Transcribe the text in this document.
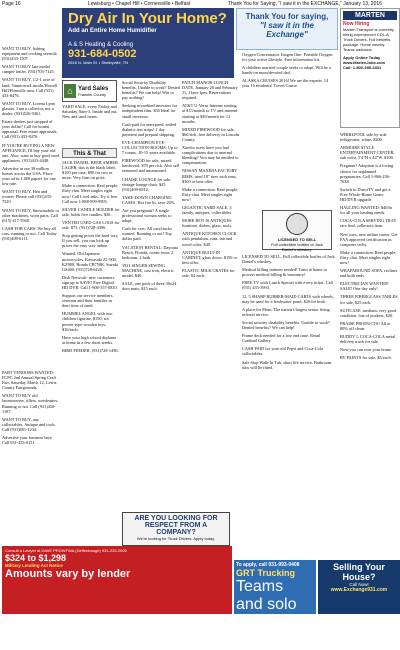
Page 16	Lewisburg • Chapel Hill • Cornersville • Belfast	Thank You for Saying, "I saw it in the EXCHANGE," January 13, 2016
Dry Air In Your Home?
Add an Entire Home Humidifier
A & S Heating & Cooling
931-684-0502
2616 N. Main St. • Shelbyville, TN
Thank You for saying,
"I saw it in the Exchange"
MARTEN
Now Hiring
Marten Transport is currently hiring experienced CDL-A Truck Drivers. Full benefits package. Home weekly. Teams welcome.
Apply Online Today www.MartenJobs.com
Call: 1-800-395-3331

WANT TO BUY, fishing equipment and cooking utensils. (931)433-1507.

WANT TO BUY late model camper trailer. (931)703-7145.

WANT TO BUY, 1/2-1 acre of land, Vanntown/Lincoln/Howell Hill/Flintville area. Call (931) 433-8476.

WANT TO BUY, Lorena Lynn glasses. I am a collector, not a dealer. (931)526-9461.

Estate dealers just stripped of your dollar? Call for honest appraisal. Free estate appraisals. Call (931) 433-8476.

IF YOU'RE BUYING A NEW APPLIANCE, I'll buy your old one. Also, want to buy good used appliances. (931)433-4448.

Advertise in our 38 million homes across the USA. Place your ad in 1,000 papers for one low rate.

WANT TO BUY, Hen and rooster. Please call (931)433-7520.

WANT TO BUY, Snowmobile or other machines, worn parts. Call (615) 417-5568.

CASH FOR CARS: We buy all cars, running or not. Call Today (931)409-6111.

PART VENDORS WANTED: FCPC 2nd Annual Spring Craft Fair, Saturday March 12, Lewis County Fairgrounds.

WANT TO BUY old lawnmowers, tillers, weedeaters. Running or not. Call (931)450-1187.

WANT TO BUY, any collectables. Antique and tools. Call (931)801-1234.

Advertise your business here. Call 931-433-6151.

⌂ Yard Sales
Franklin County

YARD SALE, every Friday and Saturday, 8am-3. Inside and out. New and used items.

This & That

JACK DANIEL BEER AMBER LAGER, this is the black label, $100 per case, $90 for two or more. Very firm on price.

Make a connection. Real people, flirty chat. Meet singles right now! Call LiveLinks. Try it free. Call now 1-888-909-9905.

SILVER CANDLE HOLDER for sale, holds five candles. $30.

VENTED USED GAS LOGS for sale. $75. (931)728-4396.

Stop getting prices the hard way. If you sell, you can look up prices the easy way online.

Wanted, Old Japanese motorcycles. Kawasaki Z1-900, KZ900, Honda CB750K. Suzuki GS400. (931)728-6420.

Dish Network- new customers sign up to SAVE! Free Digital HD DVR. Call 1-800-357-0810.

Support our service members, veterans and their families in their time of need.

HUMMEL ANGEL with two children figurine, $150; six pewter type wooden toys, $10/each.

Have your high school diploma at home in a few short weeks.

BIRD FEEDER. (931)728-1496.

Social Security Disability benefits. Unable to work? Denied benefits? We can help! Win or pay nothing!

Seeking accredited investors for independent film. $50 Ideal for small investors.

Cash paid for unexpired, sealed diabetic test strips! 1 day payment and prepaid shipping.

EVE-CHAMPION EVE-COLLECTION-ROOMS: Up to 7 rooms, 10-15 years available.

FIREWOOD for sale, mixed hardwood, $70 per rick. Also sell seasoned and unseasoned.

CHAISE LOUNGE for sale, vintage lounge chair. $45. (931)409-6812.

TAKE-DOWN CHARGING CASES. Hot fire lit, save 20%.

Are you pregnant? A single professional woman seeks to adopt.

Cash for cars: All cars/trucks wanted. Running or not! Top dollar paid.

VACATION RENTAL: Daytona Beach, Florida, ocean front, 2 bedroom, 2 bath.

1921 SINGER SEWING MACHINE, cast iron, electric model. $40.

SALE, one pack of three 30x24 door mats, $15 each.

PATCH MANOR LUNCH DATE, January 26 and February 11, 11am-1pm, Reservations required.

AT&T U-Verse Internet starting at $15/month or TV and internet starting at $49/month for 12 months.

MIXED FIREWOOD for sale, $60/rick, free delivery in Lincoln County.

Xarelto users have you had complications due to internal bleeding? You may be entitled to compensation.

NISSAN MAXIMA FACTORY RIMS, used 18" tires with rims, $300 or best offer.

Make a connection. Real people, flirty chat. Meet singles right now!

GIGANTIC YARD SALE, 3 family, antiques, collectibles.

MORE HOT IS ANTIQUES furniture, dishes, glass, tools.

ANTIQUE KITCHEN CLOCK with pendulum, runs, tan and wood color, $40.

ANTIQUE BUILT-IN CABINET, glass doors. $150 or best offer.

PLASTIC MILK CRATES for sale, $4 each.

Oxygen Concentrator. Inogen One: Portable Oxygen for your active lifestyle. Free information kit.

A childless married couple seeks to adopt. Will be a hands-on mom/devoted dad.

ALASKA CRUISES 2016! We are the experts. 14 year 16 residents! Travel Cruise.

LICENSED TO SELL
Full collectible bottles of Jack Daniel's whiskey.

LICENSED TO SELL. Full collectible bottles of Jack Daniel's whiskey.

Medical billing trainees needed! Train at home to process medical billing & insurance!

FREE TV with Lunch Special with every ticket. Call (931) 433-3993.

12. 5 SHARP RUBBER-MAID CARTS with wheels, may be used for a freshwater pond. $26 for both.

A place for Mom. The nation's largest senior living referral service.

Social security disability benefits. Unable to work? Denied benefits? We can help!

Frame deck needed for a low end time. Retail Cardinal Gallery.

CASH PAID for your old Pepsi and Coca-Cola collectables.

Sale Stop Walk-In Tub, short life service. Bathroom tubs will be fitted.

WHIRLPOOL side by side refrigerator, white, $200.

ARMOIRE STYLE ENTERTAINMENT CENTER, oak color, 5'4"H x 44"W. $100.

Pregnant? Adoption is a loving choice for unplanned pregnancies. Call 1-866-236-7638.

Switch to DirectTV and get a Free Whole-Home Genie HD/DVR upgrade.

HAULING WANTED: $40/hr for all your hauling needs.

COCA-COLA SERVING TRAY rare find, collectors item.

New tires, new airline career. Get FAA approved certification as computer techs.

Make a connection. Real people, flirty chat. Meet singles right now!

WRAPAROUND SOFA, recliner end both ends.

ELECTRICIAN WANTED! SALE! One day only!

THREE FIBERGLASS TABLES for sale, $25 each.

SUITCASE, medium, very good condition, lots of pockets, $20.

PRAISE PRODUCTS! All at 80% off clean.

BUDDY L COCA-COLA metal delivery truck for sale.

Now you can own your home.

RV PAINTS for sale, $5/each.

ARE YOU LOOKING FOR RESPECT FROM A COMPANY?
We're looking for Truck Drivers. Apply today.
Consult a Lawyer at DAVE PROWTWA (Deffenbaugh) 931-233-2005
$324 to $1,298
Military Lending Act Notice
Amounts vary by lender
To apply, call 931-993-0408
GRT Trucking
Teams and solo drivers needed
Selling Your House?
Call Now!
www.Exchange931.com
